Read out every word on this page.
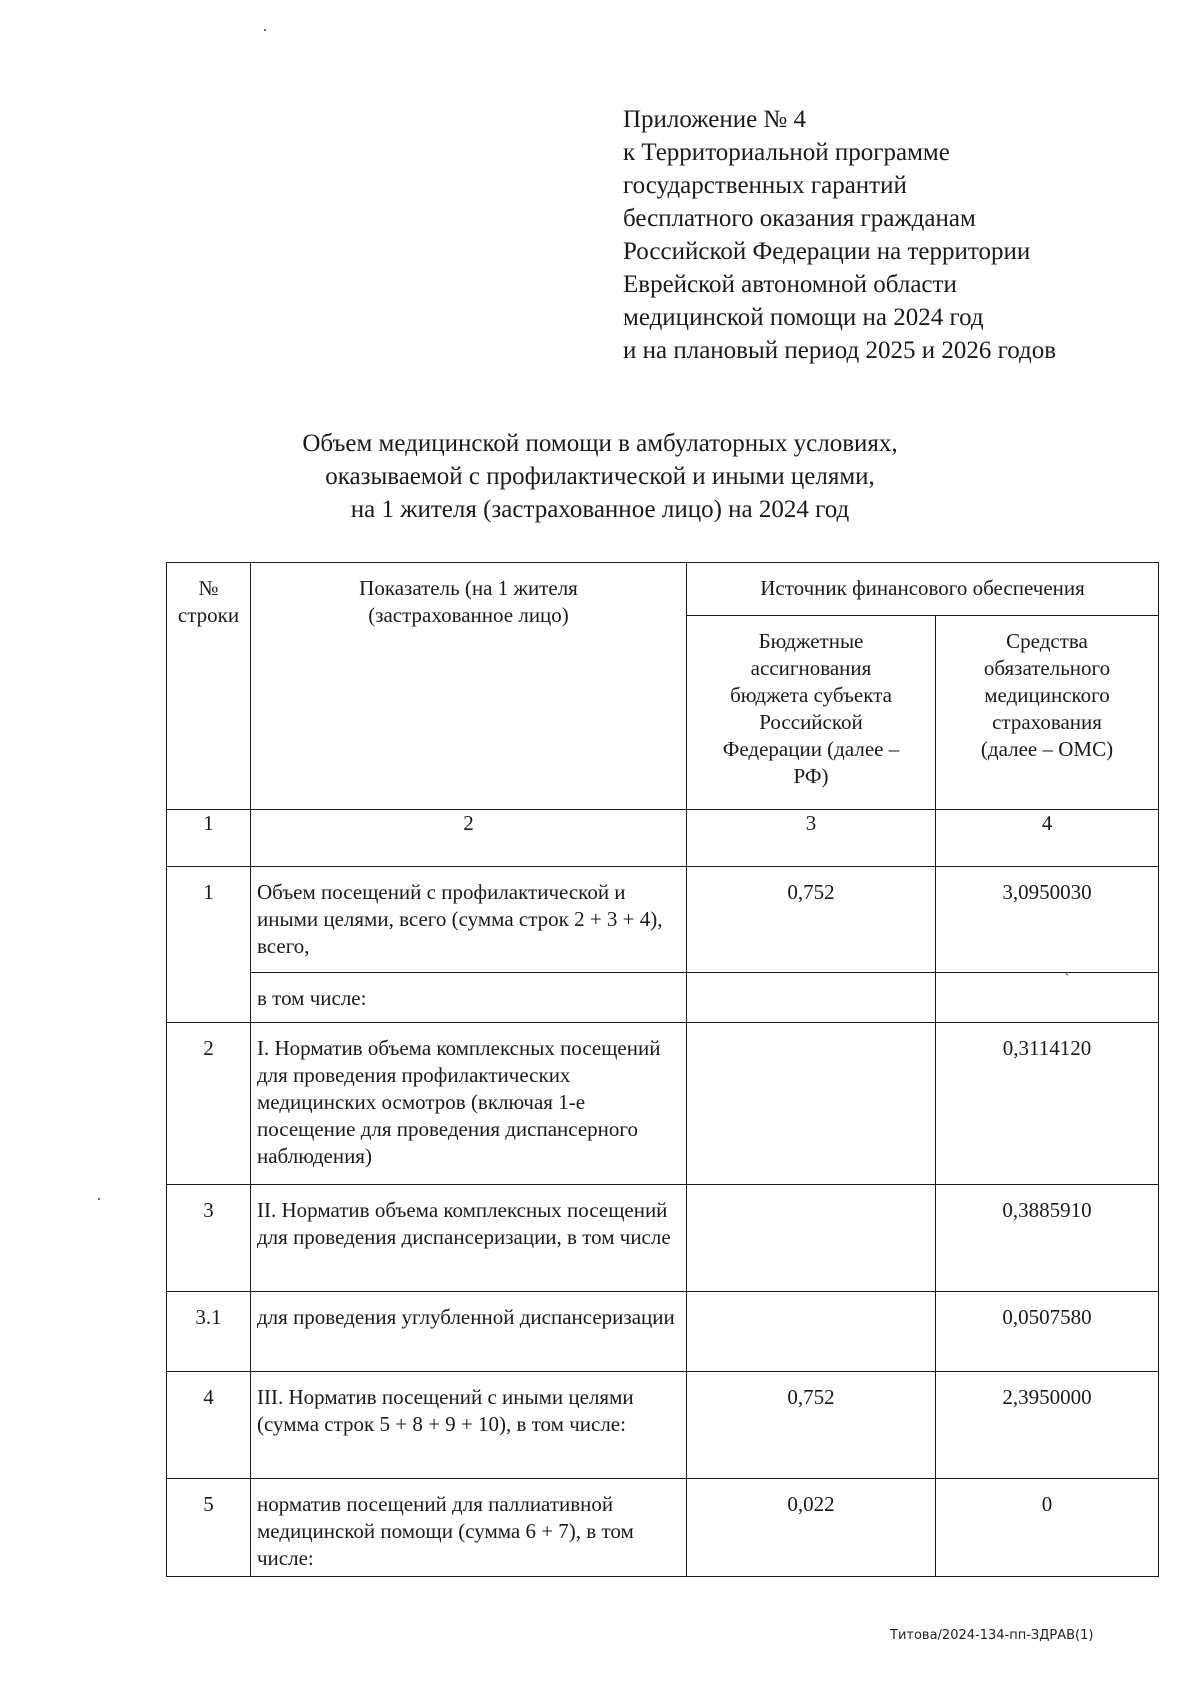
Приложение № 4
к Территориальной программе
государственных гарантий
бесплатного оказания гражданам
Российской Федерации на территории
Еврейской автономной области
медицинской помощи на 2024 год
и на плановый период 2025 и 2026 годов
Объем медицинской помощи в амбулаторных условиях,
оказываемой с профилактической и иными целями,
на 1 жителя (застрахованное лицо) на 2024 год
№ строки	Показатель (на 1 жителя (застрахованное лицо)	Источник финансового обеспечения	
		Бюджетные ассигнования бюджета субъекта Российской Федерации (далее – РФ)	Средства обязательного медицинского страхования (далее – ОМС)
1	2	3	4
1	Объем посещений с профилактической и иными целями, всего (сумма строк 2 + 3 + 4), всего,	0,752	3,0950030
	в том числе:		`
2	I. Норматив объема комплексных посещений для проведения профилактических медицинских осмотров (включая 1-е посещение для проведения диспансерного наблюдения)		0,3114120
3	II. Норматив объема комплексных посещений для проведения диспансеризации, в том числе		0,3885910
3.1	для проведения углубленной диспансеризации		0,0507580
4	III. Норматив посещений с иными целями (сумма строк 5 + 8 + 9 + 10), в том числе:	0,752	2,3950000
5	норматив посещений для паллиативной медицинской помощи (сумма 6 + 7), в том числе:	0,022	0
Титова/2024-134-пп-ЗДРАВ(1)
